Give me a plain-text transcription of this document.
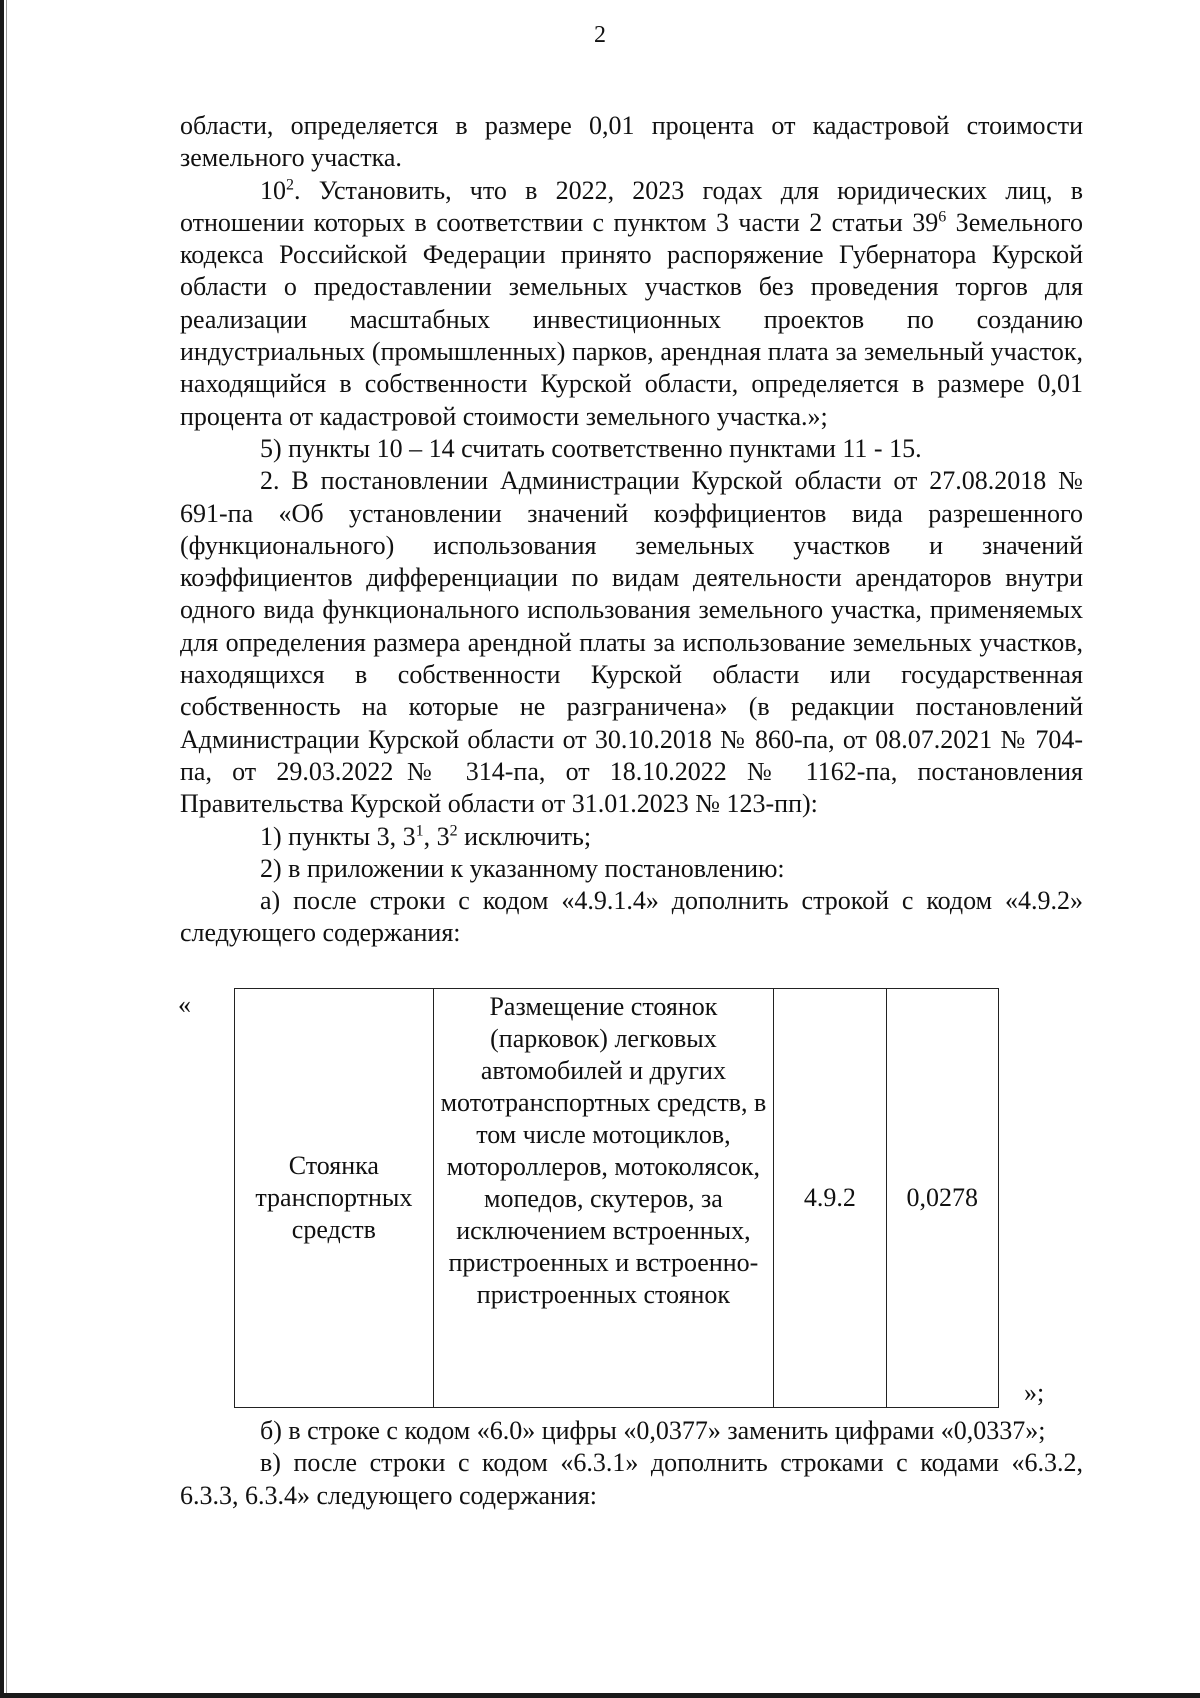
2

области, определяется в размере 0,01 процента от кадастровой стоимости земельного участка.

$10^2$. Установить, что в 2022, 2023 годах для юридических лиц, в отношении которых в соответствии с пунктом 3 части 2 статьи $39^6$ Земельного кодекса Российской Федерации принято распоряжение Губернатора Курской области о предоставлении земельных участков без проведения торгов для реализации масштабных инвестиционных проектов по созданию индустриальных (промышленных) парков, арендная плата за земельный участок, находящийся в собственности Курской области, определяется в размере 0,01 процента от кадастровой стоимости земельного участка.»;

5) пункты 10 – 14 считать соответственно пунктами 11 - 15.

2. В постановлении Администрации Курской области от 27.08.2018 № 691-па «Об установлении значений коэффициентов вида разрешенного (функционального) использования земельных участков и значений коэффициентов дифференциации по видам деятельности арендаторов внутри одного вида функционального использования земельного участка, применяемых для определения размера арендной платы за использование земельных участков, находящихся в собственности Курской области или государственная собственность на которые не разграничена» (в редакции постановлений Администрации Курской области от 30.10.2018 № 860-па, от 08.07.2021 № 704-па, от 29.03.2022№ 314-па, от 18.10.2022 № 1162-па, постановления Правительства Курской области от 31.01.2023 № 123-пп):

1) пункты 3, $3^1$, $3^2$ исключить;

2) в приложении к указанному постановлению:

а) после строки с кодом «4.9.1.4» дополнить строкой с кодом «4.9.2» следующего содержания:

«
Стоянка транспортных средств	Размещение стоянок (парковок) легковых автомобилей и других мототранспортных средств, в том числе мотоциклов, мотороллеров, мотоколясок, мопедов, скутеров, за исключением встроенных, пристроенных и встроенно-пристроенных стоянок	4.9.2	0,0278
»;

б) в строке с кодом «6.0» цифры «0,0377» заменить цифрами «0,0337»;

в) после строки с кодом «6.3.1» дополнить строками с кодами «6.3.2, 6.3.3, 6.3.4» следующего содержания:
